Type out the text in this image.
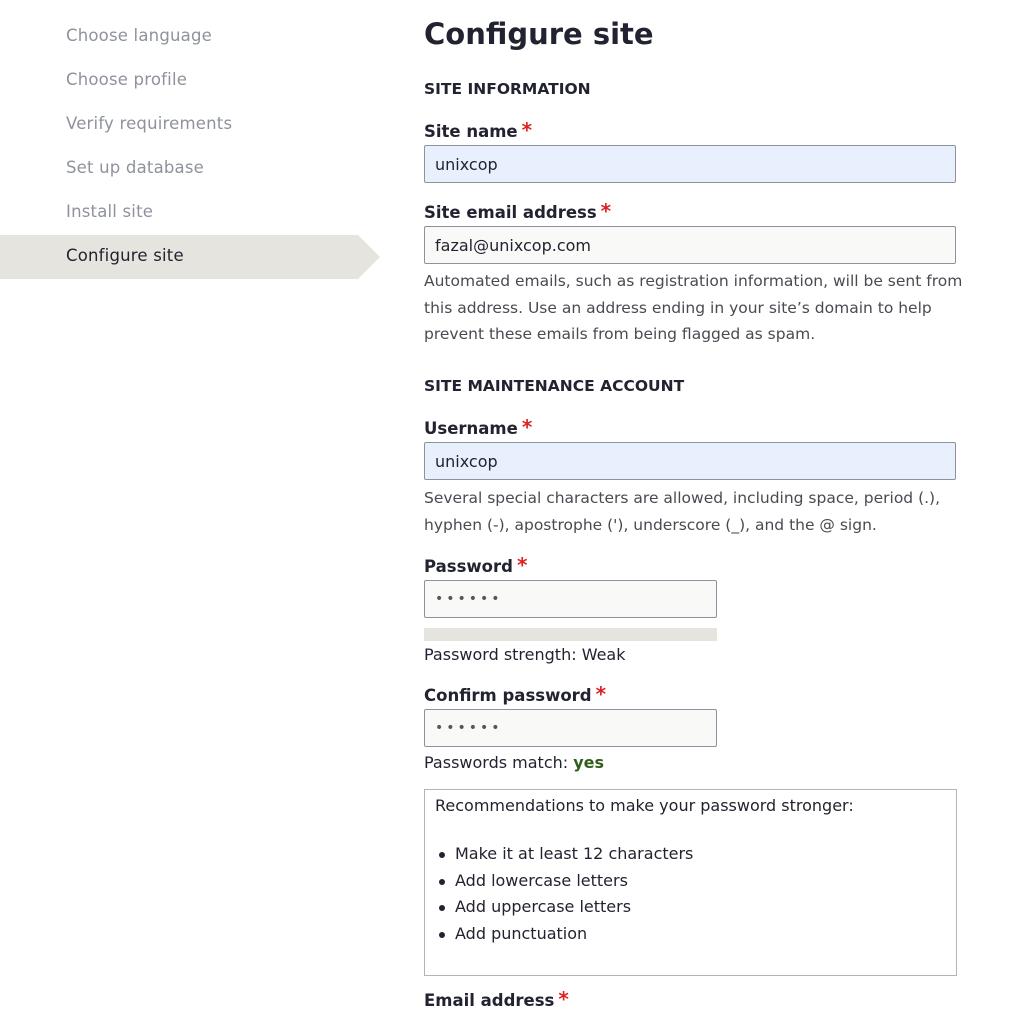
Choose language
Choose profile
Verify requirements
Set up database
Install site
Configure site
Configure site
SITE INFORMATION
Site name *
unixcop
Site email address *
fazal@unixcop.com
Automated emails, such as registration information, will be sent from this address. Use an address ending in your site’s domain to help prevent these emails from being flagged as spam.
SITE MAINTENANCE ACCOUNT
Username *
unixcop
Several special characters are allowed, including space, period (.), hyphen (-), apostrophe ('), underscore (_), and the @ sign.
Password *
••••••
Password strength: Weak
Confirm password *
••••••
Passwords match: yes
Recommendations to make your password stronger:
Make it at least 12 characters
Add lowercase letters
Add uppercase letters
Add punctuation
Email address *
